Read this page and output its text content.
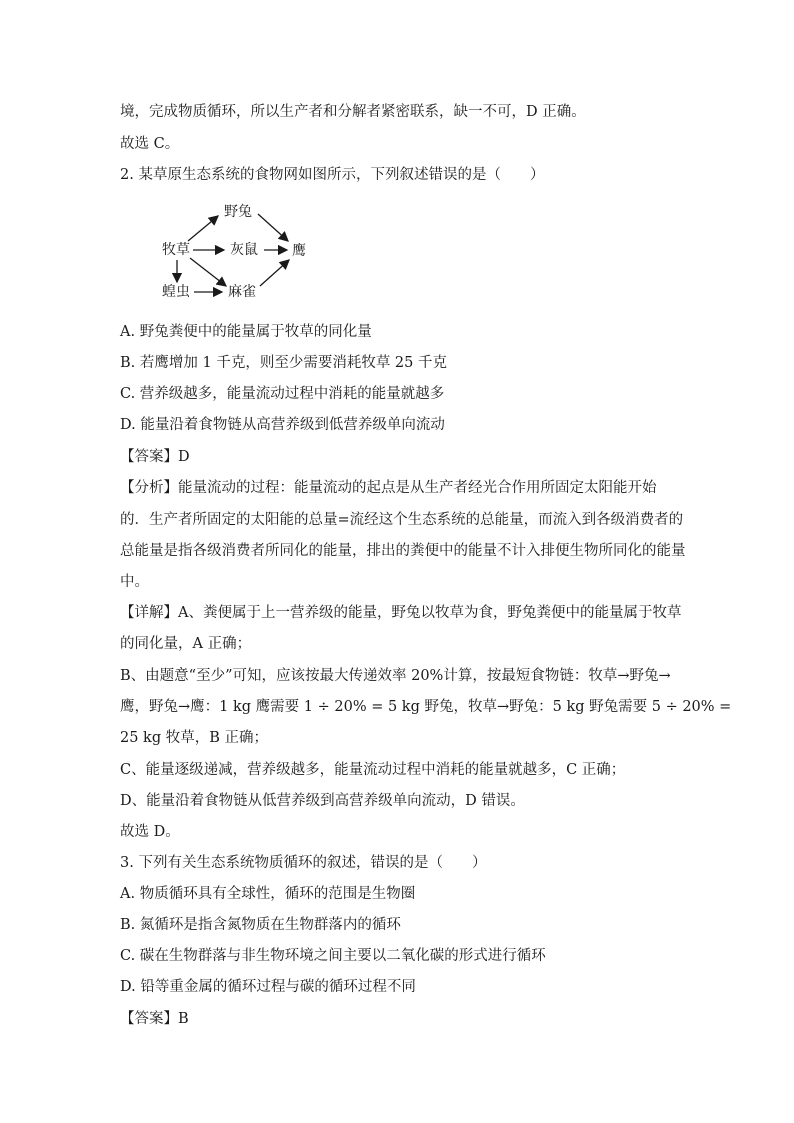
境，完成物质循环，所以生产者和分解者紧密联系，缺一不可，D 正确。
故选 C。
2. 某草原生态系统的食物网如图所示，下列叙述错误的是（　　）
牧草
野兔
灰鼠 鹰
蝗虫	麻雀
A. 野兔粪便中的能量属于牧草的同化量
B. 若鹰增加 1 千克，则至少需要消耗牧草 25 千克
C. 营养级越多，能量流动过程中消耗的能量就越多
D. 能量沿着食物链从高营养级到低营养级单向流动
【答案】D
【分析】能量流动的过程：能量流动的起点是从生产者经光合作用所固定太阳能开始
的．生产者所固定的太阳能的总量=流经这个生态系统的总能量，而流入到各级消费者的
总能量是指各级消费者所同化的能量，排出的粪便中的能量不计入排便生物所同化的能量
中。
【详解】A、粪便属于上一营养级的能量，野兔以牧草为食，野兔粪便中的能量属于牧草
的同化量，A 正确；
B、由题意“至少”可知，应该按最大传递效率 20%计算，按最短食物链：牧草→野兔→
鹰，野兔→鹰：1 kg 鹰需要 1 ÷ 20% = 5 kg 野兔，牧草→野兔：5 kg 野兔需要 5 ÷ 20% =
25 kg 牧草，B 正确；
C、能量逐级递减，营养级越多，能量流动过程中消耗的能量就越多，C 正确；
D、能量沿着食物链从低营养级到高营养级单向流动，D 错误。
故选 D。
3. 下列有关生态系统物质循环的叙述，错误的是（　　）
A. 物质循环具有全球性，循环的范围是生物圈
B. 氮循环是指含氮物质在生物群落内的循环
C. 碳在生物群落与非生物环境之间主要以二氧化碳的形式进行循环
D. 铅等重金属的循环过程与碳的循环过程不同
【答案】B
